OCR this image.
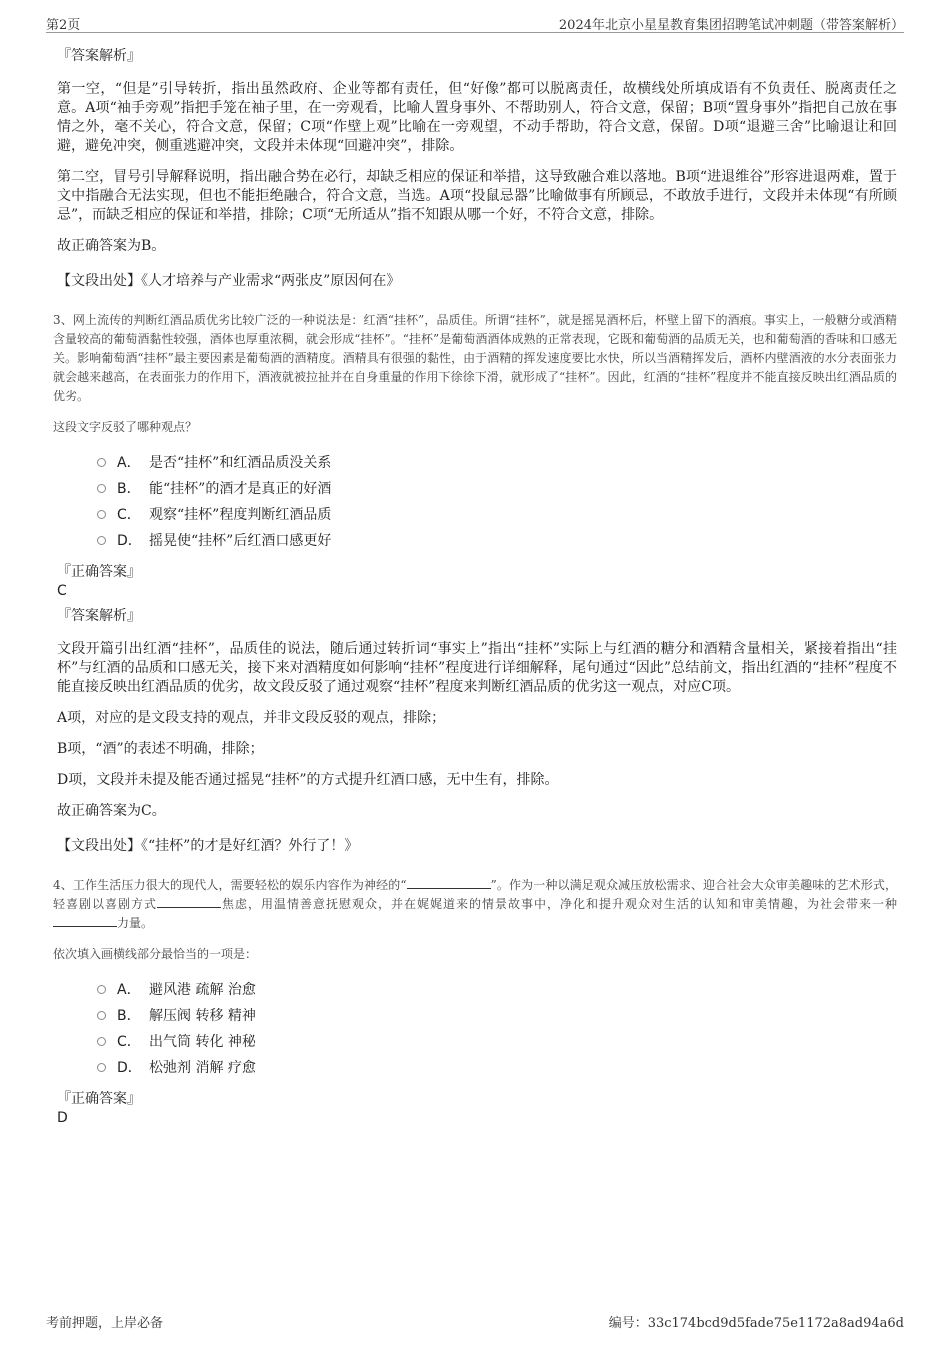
第2页	2024年北京小星星教育集团招聘笔试冲刺题（带答案解析）

『答案解析』

第一空，“但是”引导转折，指出虽然政府、企业等都有责任，但“好像”都可以脱离责任，故横线处所填成语有不负责任、脱离责任之意。A项“袖手旁观”指把手笼在袖子里，在一旁观看，比喻人置身事外、不帮助别人，符合文意，保留；B项“置身事外”指把自己放在事情之外，毫不关心，符合文意，保留；C项“作壁上观”比喻在一旁观望，不动手帮助，符合文意，保留。D项“退避三舍”比喻退让和回避，避免冲突，侧重逃避冲突，文段并未体现“回避冲突”，排除。

第二空，冒号引导解释说明，指出融合势在必行，却缺乏相应的保证和举措，这导致融合难以落地。B项“进退维谷”形容进退两难，置于文中指融合无法实现，但也不能拒绝融合，符合文意，当选。A项“投鼠忌器”比喻做事有所顾忌，不敢放手进行，文段并未体现“有所顾忌”，而缺乏相应的保证和举措，排除；C项“无所适从”指不知跟从哪一个好，不符合文意，排除。

故正确答案为B。

【文段出处】《人才培养与产业需求“两张皮”原因何在》

3、网上流传的判断红酒品质优劣比较广泛的一种说法是：红酒“挂杯”，品质佳。所谓“挂杯”，就是摇晃酒杯后，杯壁上留下的酒痕。事实上，一般糖分或酒精含量较高的葡萄酒黏性较强，酒体也厚重浓稠，就会形成“挂杯”。“挂杯”是葡萄酒酒体成熟的正常表现，它既和葡萄酒的品质无关，也和葡萄酒的香味和口感无关。影响葡萄酒“挂杯”最主要因素是葡萄酒的酒精度。酒精具有很强的黏性，由于酒精的挥发速度要比水快，所以当酒精挥发后，酒杯内壁酒液的水分表面张力就会越来越高，在表面张力的作用下，酒液就被拉扯并在自身重量的作用下徐徐下滑，就形成了“挂杯”。因此，红酒的“挂杯”程度并不能直接反映出红酒品质的优劣。

这段文字反驳了哪种观点？

A． 是否“挂杯”和红酒品质没关系
B． 能“挂杯”的酒才是真正的好酒
C． 观察“挂杯”程度判断红酒品质
D． 摇晃使“挂杯”后红酒口感更好

『正确答案』

C

『答案解析』

文段开篇引出红酒“挂杯”，品质佳的说法，随后通过转折词“事实上”指出“挂杯”实际上与红酒的糖分和酒精含量相关，紧接着指出“挂杯”与红酒的品质和口感无关，接下来对酒精度如何影响“挂杯”程度进行详细解释，尾句通过“因此”总结前文，指出红酒的“挂杯”程度不能直接反映出红酒品质的优劣，故文段反驳了通过观察“挂杯”程度来判断红酒品质的优劣这一观点，对应C项。

A项，对应的是文段支持的观点，并非文段反驳的观点，排除；

B项，“酒”的表述不明确，排除；

D项，文段并未提及能否通过摇晃“挂杯”的方式提升红酒口感，无中生有，排除。

故正确答案为C。

【文段出处】《“挂杯”的才是好红酒？外行了！》

4、工作生活压力很大的现代人，需要轻松的娱乐内容作为神经的“	”。作为一种以满足观众减压放松需求、迎合社会大众审美趣味的艺术形式，轻喜剧以喜剧方式	焦虑，用温情善意抚慰观众，并在娓娓道来的情景故事中，净化和提升观众对生活的认知和审美情趣，为社会带来一种力量。

依次填入画横线部分最恰当的一项是：

A． 避风港 疏解 治愈
B． 解压阀 转移 精神
C． 出气筒 转化 神秘
D． 松弛剂 消解 疗愈

『正确答案』

D

考前押题，上岸必备	编号：33c174bcd9d5fade75e1172a8ad94a6d
